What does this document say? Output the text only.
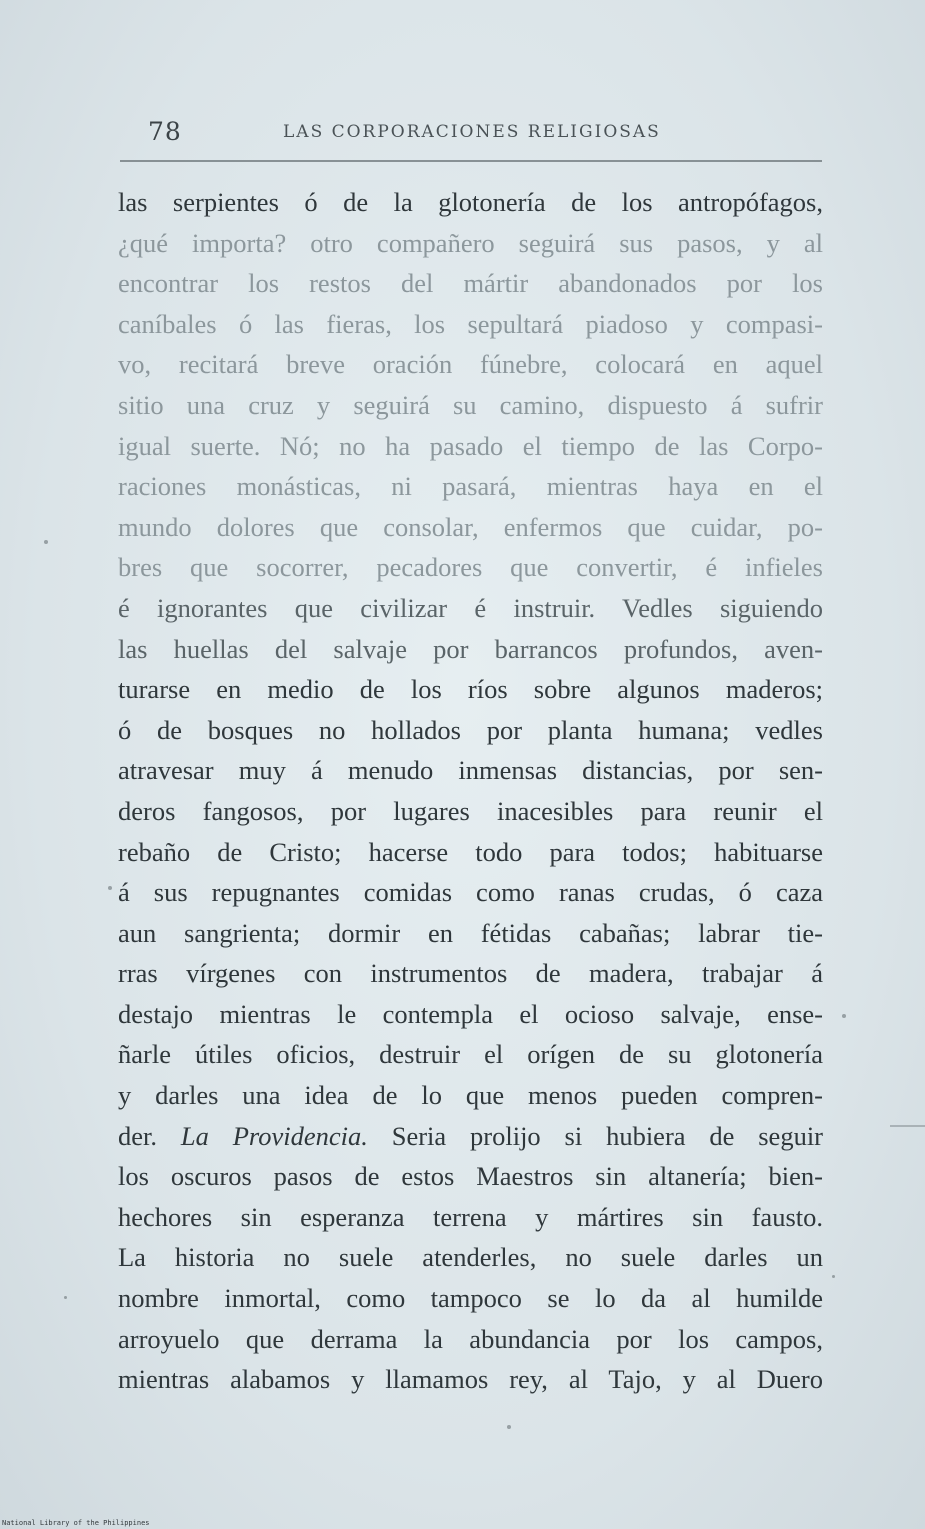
78	LAS CORPORACIONES RELIGIOSAS
las serpientes ó de la glotonería de los antropófagos,
¿qué importa? otro compañero seguirá sus pasos, y al
encontrar los restos del mártir abandonados por los
caníbales ó las fieras, los sepultará piadoso y compasi-
vo, recitará breve oración fúnebre, colocará en aquel
sitio una cruz y seguirá su camino, dispuesto á sufrir
igual suerte. Nó; no ha pasado el tiempo de las Corpo-
raciones monásticas, ni pasará, mientras haya en el
mundo dolores que consolar, enfermos que cuidar, po-
bres que socorrer, pecadores que convertir, é infieles
é ignorantes que civilizar é instruir. Vedles siguiendo
las huellas del salvaje por barrancos profundos, aven-
turarse en medio de los ríos sobre algunos maderos;
ó de bosques no hollados por planta humana; vedles
atravesar muy á menudo inmensas distancias, por sen-
deros fangosos, por lugares inacesibles para reunir el
rebaño de Cristo; hacerse todo para todos; habituarse
á sus repugnantes comidas como ranas crudas, ó caza
aun sangrienta; dormir en fétidas cabañas; labrar tie-
rras vírgenes con instrumentos de madera, trabajar á
destajo mientras le contempla el ocioso salvaje, ense-
ñarle útiles oficios, destruir el orígen de su glotonería
y darles una idea de lo que menos pueden compren-
der. La Providencia. Seria prolijo si hubiera de seguir
los oscuros pasos de estos Maestros sin altanería; bien-
hechores sin esperanza terrena y mártires sin fausto.
La historia no suele atenderles, no suele darles un
nombre inmortal, como tampoco se lo da al humilde
arroyuelo que derrama la abundancia por los campos,
mientras alabamos y llamamos rey, al Tajo, y al Duero
National Library of the Philippines
